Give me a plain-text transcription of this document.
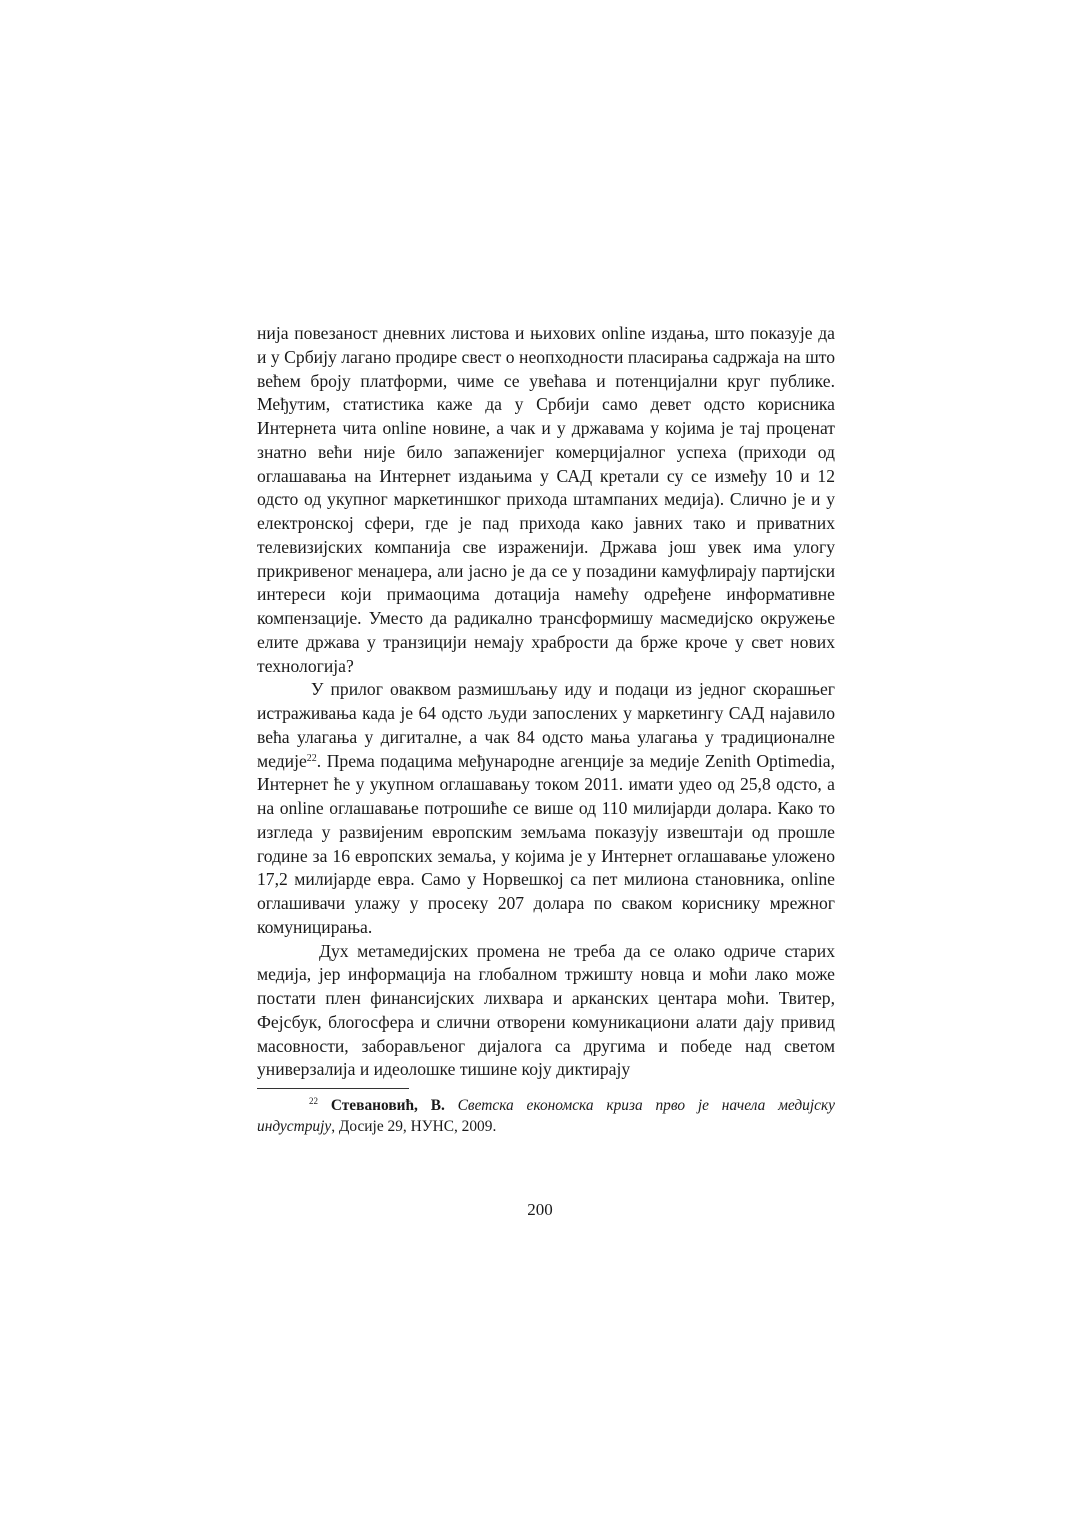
нија повезаност дневних листова и њихових online издања, што показује да и у Србију лагано продире свест о неопходности пласирања садржаја на што већем броју платформи, чиме се увећава и потенцијални круг публике. Међутим, статистика каже да у Србији само девет одсто корисника Интернета чита online новине, а чак и у државама у којима је тај проценат знатно већи није било запаженијег комерцијалног успеха (приходи од оглашавања на Интернет издањима у САД кретали су се између 10 и 12 одсто од укупног маркетиншког прихода штампаних медија). Слично је и у електронској сфери, где је пад прихода како јавних тако и приватних телевизијских компанија све израженији. Држава још увек има улогу прикривеног менаџера, али јасно је да се у позадини камуфлирају партијски интереси који примаоцима дотација намећу одређене информативне компензације. Уместо да радикално трансформишу масмедијско окружење елите држава у транзицији немају храбрости да брже кроче у свет нових технологија?

У прилог оваквом размишљању иду и подаци из једног скорашњег истраживања када је 64 одсто људи запослених у маркетингу САД најавило већа улагања у дигиталне, а чак 84 одсто мања улагања у традиционалне медије$^{22}$. Према подацима међународне агенције за медије Zenith Optimedia, Интернет ће у укупном оглашавању током 2011. имати удео од 25,8 одсто, а на online оглашавање потрошиће се више од 110 милијарди долара. Како то изгледа у развијеним европским земљама показују извештаји од прошле године за 16 европских земаља, у којима је у Интернет оглашавање уложено 17,2 милијарде евра. Само у Норвешкој са пет милиона становника, online оглашивачи улажу у просеку 207 долара по сваком кориснику мрежног комуницирања.

Дух метамедијских промена не треба да се олако одриче старих медија, јер информација на глобалном тржишту новца и моћи лако може постати плен финансијских лихвара и арканских центара моћи. Твитер, Фејсбук, блогосфера и слични отворени комуникациони алати дају привид масовности, заборављеног дијалога са другима и победе над светом универзалија и идеолошке тишине коју диктирају

$^{22}$ Стевановић, В. Светска економска криза прво је начела медијску индустрију, Досије 29, НУНС, 2009.

200
